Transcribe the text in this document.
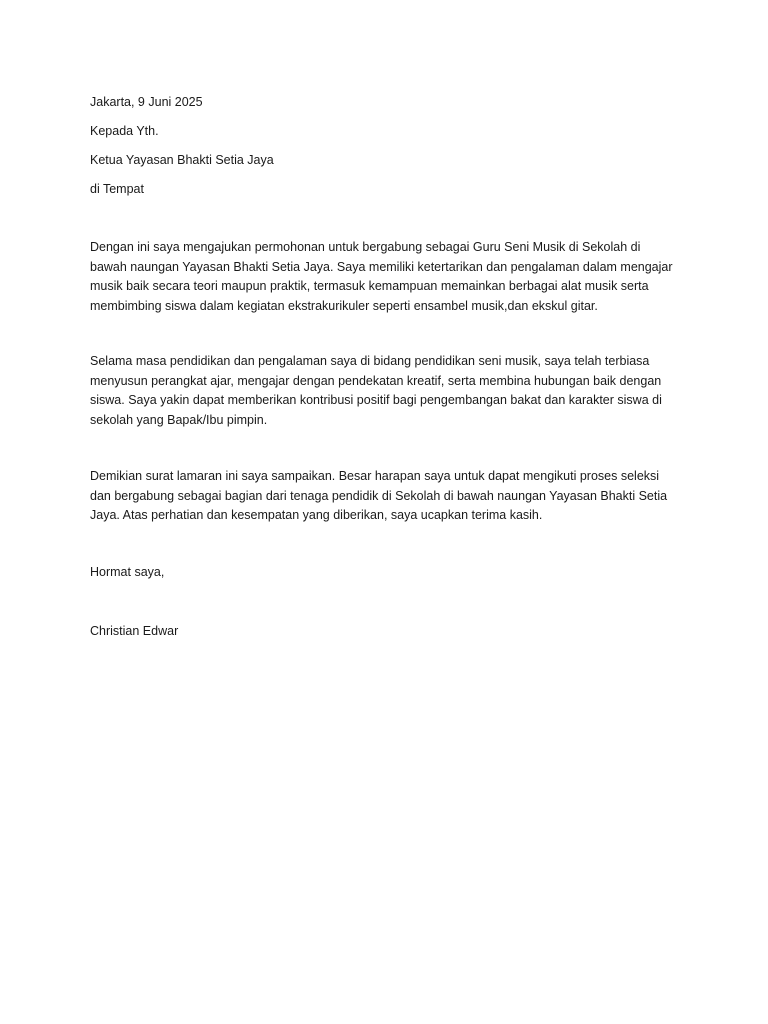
Jakarta, 9 Juni 2025

Kepada Yth.

Ketua Yayasan Bhakti Setia Jaya

di Tempat

Dengan ini saya mengajukan permohonan untuk bergabung sebagai Guru Seni Musik di Sekolah di
bawah naungan Yayasan Bhakti Setia Jaya. Saya memiliki ketertarikan dan pengalaman dalam mengajar
musik baik secara teori maupun praktik, termasuk kemampuan memainkan berbagai alat musik serta
membimbing siswa dalam kegiatan ekstrakurikuler seperti ensambel musik,dan ekskul gitar.
Selama masa pendidikan dan pengalaman saya di bidang pendidikan seni musik, saya telah terbiasa
menyusun perangkat ajar, mengajar dengan pendekatan kreatif, serta membina hubungan baik dengan
siswa. Saya yakin dapat memberikan kontribusi positif bagi pengembangan bakat dan karakter siswa di
sekolah yang Bapak/Ibu pimpin.
Demikian surat lamaran ini saya sampaikan. Besar harapan saya untuk dapat mengikuti proses seleksi
dan bergabung sebagai bagian dari tenaga pendidik di Sekolah di bawah naungan Yayasan Bhakti Setia
Jaya. Atas perhatian dan kesempatan yang diberikan, saya ucapkan terima kasih.

Hormat saya,

Christian Edwar
